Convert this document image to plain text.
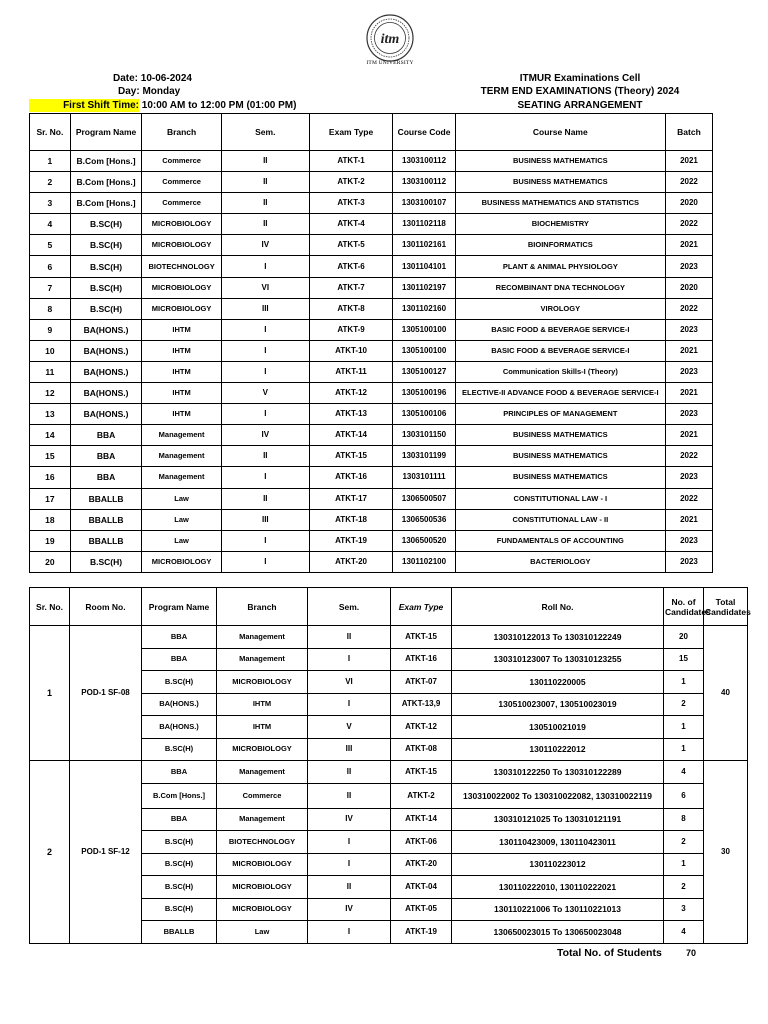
itm
ITM UNIVERSITY
Date: 10-06-2024
Day: Monday
First Shift Time: 10:00 AM to 12:00 PM (01:00 PM)
ITMUR Examinations Cell
TERM END EXAMINATIONS (Theory) 2024
SEATING ARRANGEMENT
Sr. No.	Program Name	Branch	Sem.	Exam Type	Course Code	Course Name	Batch
1	B.Com [Hons.]	Commerce	II	ATKT-1	1303100112	BUSINESS MATHEMATICS	2021
2	B.Com [Hons.]	Commerce	II	ATKT-2	1303100112	BUSINESS MATHEMATICS	2022
3	B.Com [Hons.]	Commerce	II	ATKT-3	1303100107	BUSINESS MATHEMATICS AND STATISTICS	2020
4	B.SC(H)	MICROBIOLOGY	II	ATKT-4	1301102118	BIOCHEMISTRY	2022
5	B.SC(H)	MICROBIOLOGY	IV	ATKT-5	1301102161	BIOINFORMATICS	2021
6	B.SC(H)	BIOTECHNOLOGY	I	ATKT-6	1301104101	PLANT & ANIMAL PHYSIOLOGY	2023
7	B.SC(H)	MICROBIOLOGY	VI	ATKT-7	1301102197	RECOMBINANT DNA TECHNOLOGY	2020
8	B.SC(H)	MICROBIOLOGY	III	ATKT-8	1301102160	VIROLOGY	2022
9	BA(HONS.)	IHTM	I	ATKT-9	1305100100	BASIC FOOD & BEVERAGE SERVICE-I	2023
10	BA(HONS.)	IHTM	I	ATKT-10	1305100100	BASIC FOOD & BEVERAGE SERVICE-I	2021
11	BA(HONS.)	IHTM	I	ATKT-11	1305100127	Communication Skills-I (Theory)	2023
12	BA(HONS.)	IHTM	V	ATKT-12	1305100196	ELECTIVE-II ADVANCE FOOD & BEVERAGE SERVICE-I	2021
13	BA(HONS.)	IHTM	I	ATKT-13	1305100106	PRINCIPLES OF MANAGEMENT	2023
14	BBA	Management	IV	ATKT-14	1303101150	BUSINESS MATHEMATICS	2021
15	BBA	Management	II	ATKT-15	1303101199	BUSINESS MATHEMATICS	2022
16	BBA	Management	I	ATKT-16	1303101111	BUSINESS MATHEMATICS	2023
17	BBALLB	Law	II	ATKT-17	1306500507	CONSTITUTIONAL LAW - I	2022
18	BBALLB	Law	III	ATKT-18	1306500536	CONSTITUTIONAL LAW - II	2021
19	BBALLB	Law	I	ATKT-19	1306500520	FUNDAMENTALS OF ACCOUNTING	2023
20	B.SC(H)	MICROBIOLOGY	I	ATKT-20	1301102100	BACTERIOLOGY	2023
Sr. No.	Room No.	Program Name	Branch	Sem.	Exam Type	Roll No.	No. of Candidates	Total Candidates
1	POD-1 SF-08	BBA	Management	II	ATKT-15	130310122013 To 130310122249	20	40
		BBA	Management	I	ATKT-16	130310123007 To 130310123255	15	
		B.SC(H)	MICROBIOLOGY	VI	ATKT-07	130110220005	1	
		BA(HONS.)	IHTM	I	ATKT-13,9	130510023007, 130510023019	2	
		BA(HONS.)	IHTM	V	ATKT-12	130510021019	1	
		B.SC(H)	MICROBIOLOGY	III	ATKT-08	130110222012	1	
2	POD-1 SF-12	BBA	Management	II	ATKT-15	130310122250 To 130310122289	4	30
		B.Com [Hons.]	Commerce	II	ATKT-2	130310022002 To 130310022082, 130310022119	6	
		BBA	Management	IV	ATKT-14	130310121025 To 130310121191	8	
		B.SC(H)	BIOTECHNOLOGY	I	ATKT-06	130110423009, 130110423011	2	
		B.SC(H)	MICROBIOLOGY	I	ATKT-20	130110223012	1	
		B.SC(H)	MICROBIOLOGY	II	ATKT-04	130110222010, 130110222021	2	
		B.SC(H)	MICROBIOLOGY	IV	ATKT-05	130110221006 To 130110221013	3	
		BBALLB	Law	I	ATKT-19	130650023015 To 130650023048	4	
Total No. of Students	70
